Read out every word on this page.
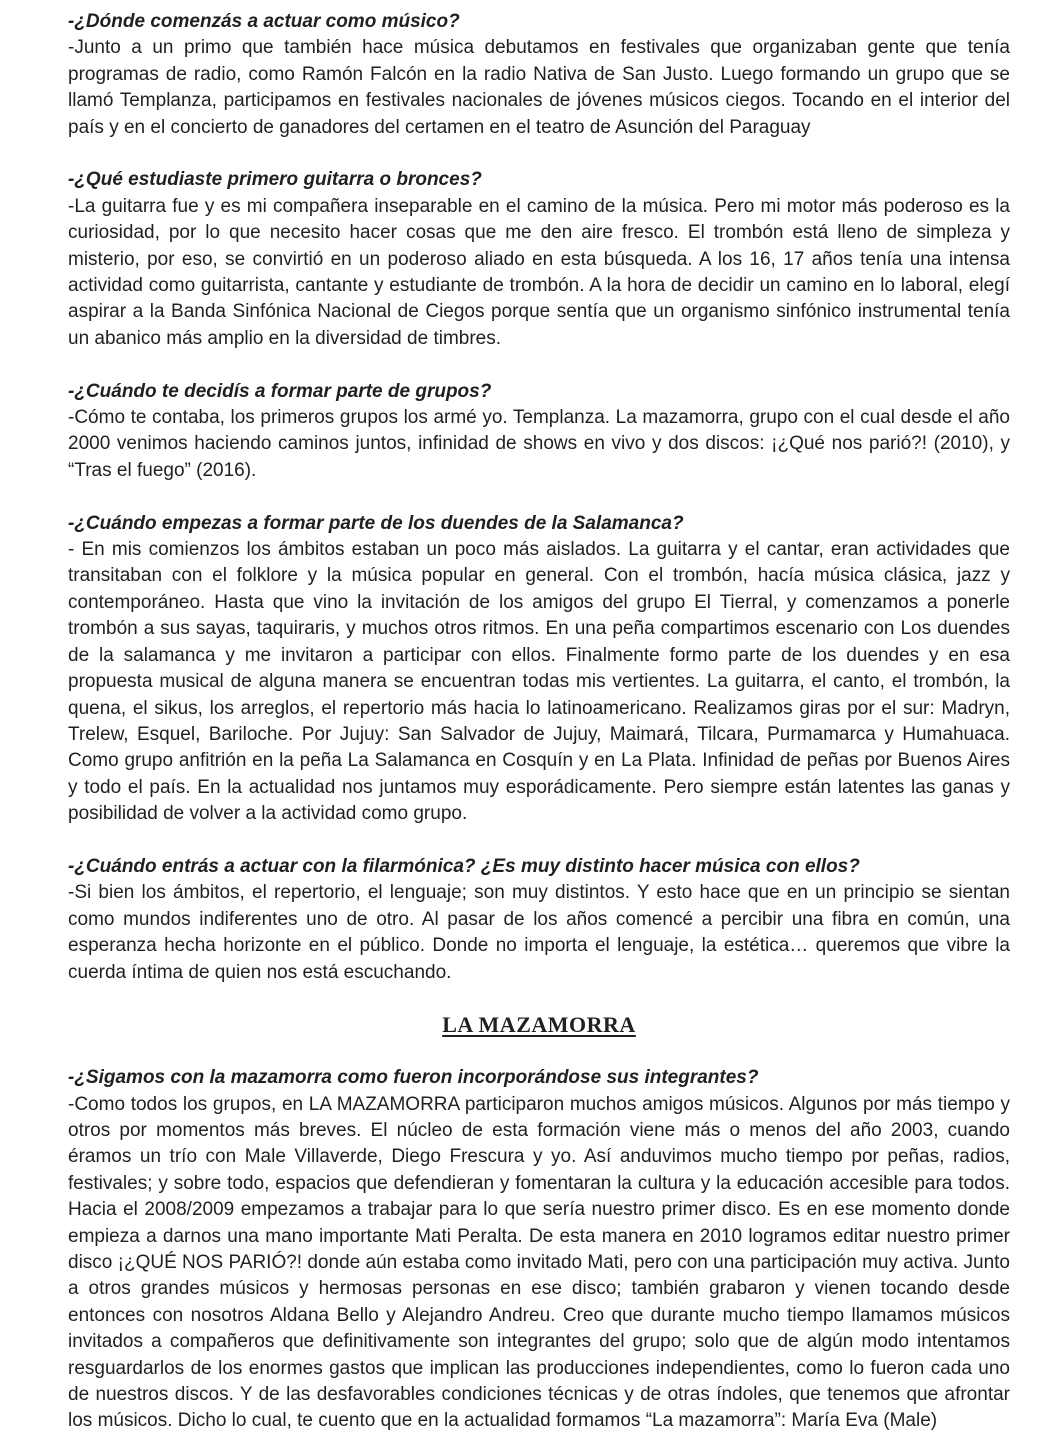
-¿Dónde comenzás a actuar como músico?

-Junto a un primo que también hace música debutamos en festivales que organizaban gente que tenía programas de radio, como Ramón Falcón en la radio Nativa de San Justo. Luego formando un grupo que se llamó Templanza, participamos en festivales nacionales de jóvenes músicos ciegos. Tocando en el interior del país y en el concierto de ganadores del certamen en el teatro de Asunción del Paraguay

-¿Qué estudiaste primero guitarra o bronces?

-La guitarra fue y es mi compañera inseparable en el camino de la música. Pero mi motor más poderoso es la curiosidad, por lo que necesito hacer cosas que me den aire fresco. El trombón está lleno de simpleza y misterio, por eso, se convirtió en un poderoso aliado en esta búsqueda. A los 16, 17 años tenía una intensa actividad como guitarrista, cantante y estudiante de trombón. A la hora de decidir un camino en lo laboral, elegí aspirar a la Banda Sinfónica Nacional de Ciegos porque sentía que un organismo sinfónico instrumental tenía un abanico más amplio en la diversidad de timbres.

-¿Cuándo te decidís a formar parte de grupos?

-Cómo te contaba, los primeros grupos los armé yo. Templanza. La mazamorra, grupo con el cual desde el año 2000 venimos haciendo caminos juntos, infinidad de shows en vivo y dos discos: ¡¿Qué nos parió?! (2010), y “Tras el fuego” (2016).

-¿Cuándo empezas a formar parte de los duendes de la Salamanca?

- En mis comienzos los ámbitos estaban un poco más aislados. La guitarra y el cantar, eran actividades que transitaban con el folklore y la música popular en general. Con el trombón, hacía música clásica, jazz y contemporáneo. Hasta que vino la invitación de los amigos del grupo El Tierral, y comenzamos a ponerle trombón a sus sayas, taquiraris, y muchos otros ritmos. En una peña compartimos escenario con Los duendes de la salamanca y me invitaron a participar con ellos. Finalmente formo parte de los duendes y en esa propuesta musical de alguna manera se encuentran todas mis vertientes. La guitarra, el canto, el trombón, la quena, el sikus, los arreglos, el repertorio más hacia lo latinoamericano. Realizamos giras por el sur: Madryn, Trelew, Esquel, Bariloche. Por Jujuy: San Salvador de Jujuy, Maimará, Tilcara, Purmamarca y Humahuaca. Como grupo anfitrión en la peña La Salamanca en Cosquín y en La Plata. Infinidad de peñas por Buenos Aires y todo el país. En la actualidad nos juntamos muy esporádicamente. Pero siempre están latentes las ganas y posibilidad de volver a la actividad como grupo.

-¿Cuándo entrás a actuar con la filarmónica? ¿Es muy distinto hacer música con ellos?

-Si bien los ámbitos, el repertorio, el lenguaje; son muy distintos. Y esto hace que en un principio se sientan como mundos indiferentes uno de otro. Al pasar de los años comencé a percibir una fibra en común, una esperanza hecha horizonte en el público. Donde no importa el lenguaje, la estética… queremos que vibre la cuerda íntima de quien nos está escuchando.

LA MAZAMORRA

-¿Sigamos con la mazamorra como fueron incorporándose sus integrantes?

-Como todos los grupos, en LA MAZAMORRA participaron muchos amigos músicos. Algunos por más tiempo y otros por momentos más breves. El núcleo de esta formación viene más o menos del año 2003, cuando éramos un trío con Male Villaverde, Diego Frescura y yo. Así anduvimos mucho tiempo por peñas, radios, festivales; y sobre todo, espacios que defendieran y fomentaran la cultura y la educación accesible para todos. Hacia el 2008/2009 empezamos a trabajar para lo que sería nuestro primer disco. Es en ese momento donde empieza a darnos una mano importante Mati Peralta. De esta manera en 2010 logramos editar nuestro primer disco ¡¿QUÉ NOS PARIÓ?! donde aún estaba como invitado Mati, pero con una participación muy activa. Junto a otros grandes músicos y hermosas personas en ese disco; también grabaron y vienen tocando desde entonces con nosotros Aldana Bello y Alejandro Andreu. Creo que durante mucho tiempo llamamos músicos invitados a compañeros que definitivamente son integrantes del grupo; solo que de algún modo intentamos resguardarlos de los enormes gastos que implican las producciones independientes, como lo fueron cada uno de nuestros discos. Y de las desfavorables condiciones técnicas y de otras índoles, que tenemos que afrontar los músicos. Dicho lo cual, te cuento que en la actualidad formamos “La mazamorra”: María Eva (Male)
